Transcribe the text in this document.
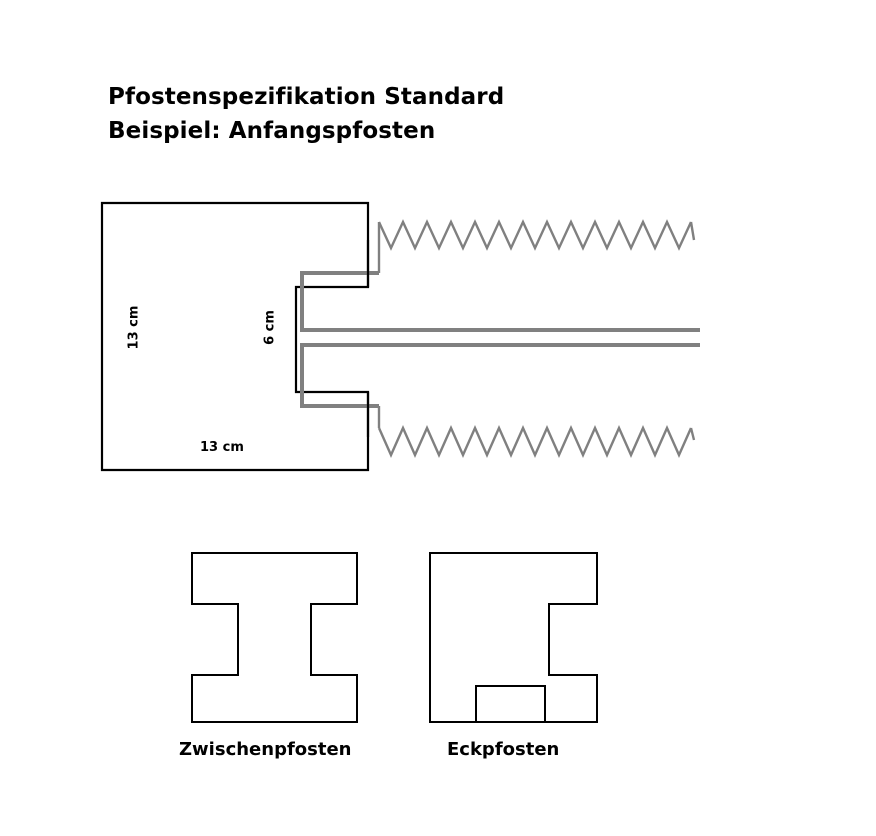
Pfostenspezifikation Standard
Beispiel: Anfangspfosten
13 cm	6 cm
13 cm
Zwischenpfosten	Eckpfosten
